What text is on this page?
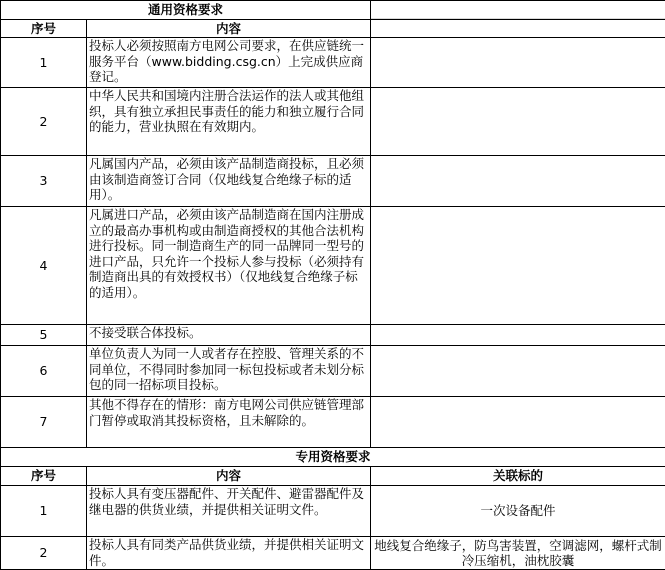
通用资格要求		
序号	内容	
1	投标人必须按照南方电网公司要求，在供应链统一服务平台（www.bidding.csg.cn）上完成供应商登记。	
2	中华人民共和国境内注册合法运作的法人或其他组织，具有独立承担民事责任的能力和独立履行合同的能力，营业执照在有效期内。	
3	凡属国内产品，必须由该产品制造商投标，且必须由该制造商签订合同（仅地线复合绝缘子标的适用）。	
4	凡属进口产品，必须由该产品制造商在国内注册成立的最高办事机构或由制造商授权的其他合法机构进行投标。同一制造商生产的同一品牌同一型号的进口产品，只允许一个投标人参与投标（必须持有制造商出具的有效授权书）（仅地线复合绝缘子标的适用）。	
5	不接受联合体投标。	
6	单位负责人为同一人或者存在控股、管理关系的不同单位，不得同时参加同一标包投标或者未划分标包的同一招标项目投标。	
7	其他不得存在的情形：南方电网公司供应链管理部门暂停或取消其投标资格，且未解除的。	
专用资格要求		
序号	内容	关联标的
1	投标人具有变压器配件、开关配件、避雷器配件及继电器的供货业绩，并提供相关证明文件。	一次设备配件
2	投标人具有同类产品供货业绩，并提供相关证明文件。	地线复合绝缘子，防鸟害装置，空调滤网，螺杆式制冷压缩机，油枕胶囊
